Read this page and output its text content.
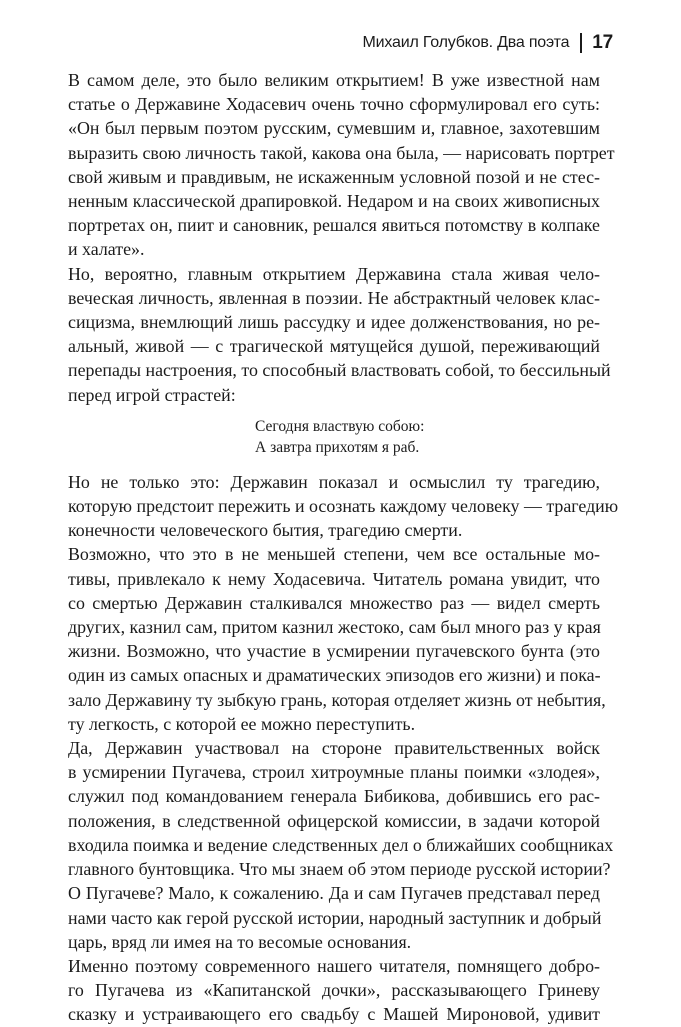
Михаил Голубков. Два поэта 17

В самом деле, это было великим открытием! В уже известной нам
статье о Державине Ходасевич очень точно сформулировал его суть:
«Он был первым поэтом русским, сумевшим и, главное, захотевшим
выразить свою личность такой, какова она была, — нарисовать портрет
свой живым и правдивым, не искаженным условной позой и не стес-
ненным классической драпировкой. Недаром и на своих живописных
портретах он, пиит и сановник, решался явиться потомству в колпаке
и халате».

Но, вероятно, главным открытием Державина стала живая чело-
веческая личность, явленная в поэзии. Не абстрактный человек клас-
сицизма, внемлющий лишь рассудку и идее долженствования, но ре-
альный, живой — с трагической мятущейся душой, переживающий
перепады настроения, то способный властвовать собой, то бессильный
перед игрой страстей:

Сегодня властвую собою:
А завтра прихотям я раб.

Но не только это: Державин показал и осмыслил ту трагедию,
которую предстоит пережить и осознать каждому человеку — трагедию
конечности человеческого бытия, трагедию смерти.

Возможно, что это в не меньшей степени, чем все остальные мо-
тивы, привлекало к нему Ходасевича. Читатель романа увидит, что
со смертью Державин сталкивался множество раз — видел смерть
других, казнил сам, притом казнил жестоко, сам был много раз у края
жизни. Возможно, что участие в усмирении пугачевского бунта (это
один из самых опасных и драматических эпизодов его жизни) и пока-
зало Державину ту зыбкую грань, которая отделяет жизнь от небытия,
ту легкость, с которой ее можно переступить.

Да, Державин участвовал на стороне правительственных войск
в усмирении Пугачева, строил хитроумные планы поимки «злодея»,
служил под командованием генерала Бибикова, добившись его рас-
положения, в следственной офицерской комиссии, в задачи которой
входила поимка и ведение следственных дел о ближайших сообщниках
главного бунтовщика. Что мы знаем об этом периоде русской истории?
О Пугачеве? Мало, к сожалению. Да и сам Пугачев представал перед
нами часто как герой русской истории, народный заступник и добрый
царь, вряд ли имея на то весомые основания.

Именно поэтому современного нашего читателя, помнящего добро-
го Пугачева из «Капитанской дочки», рассказывающего Гриневу
сказку и устраивающего его свадьбу с Машей Мироновой, удивит
